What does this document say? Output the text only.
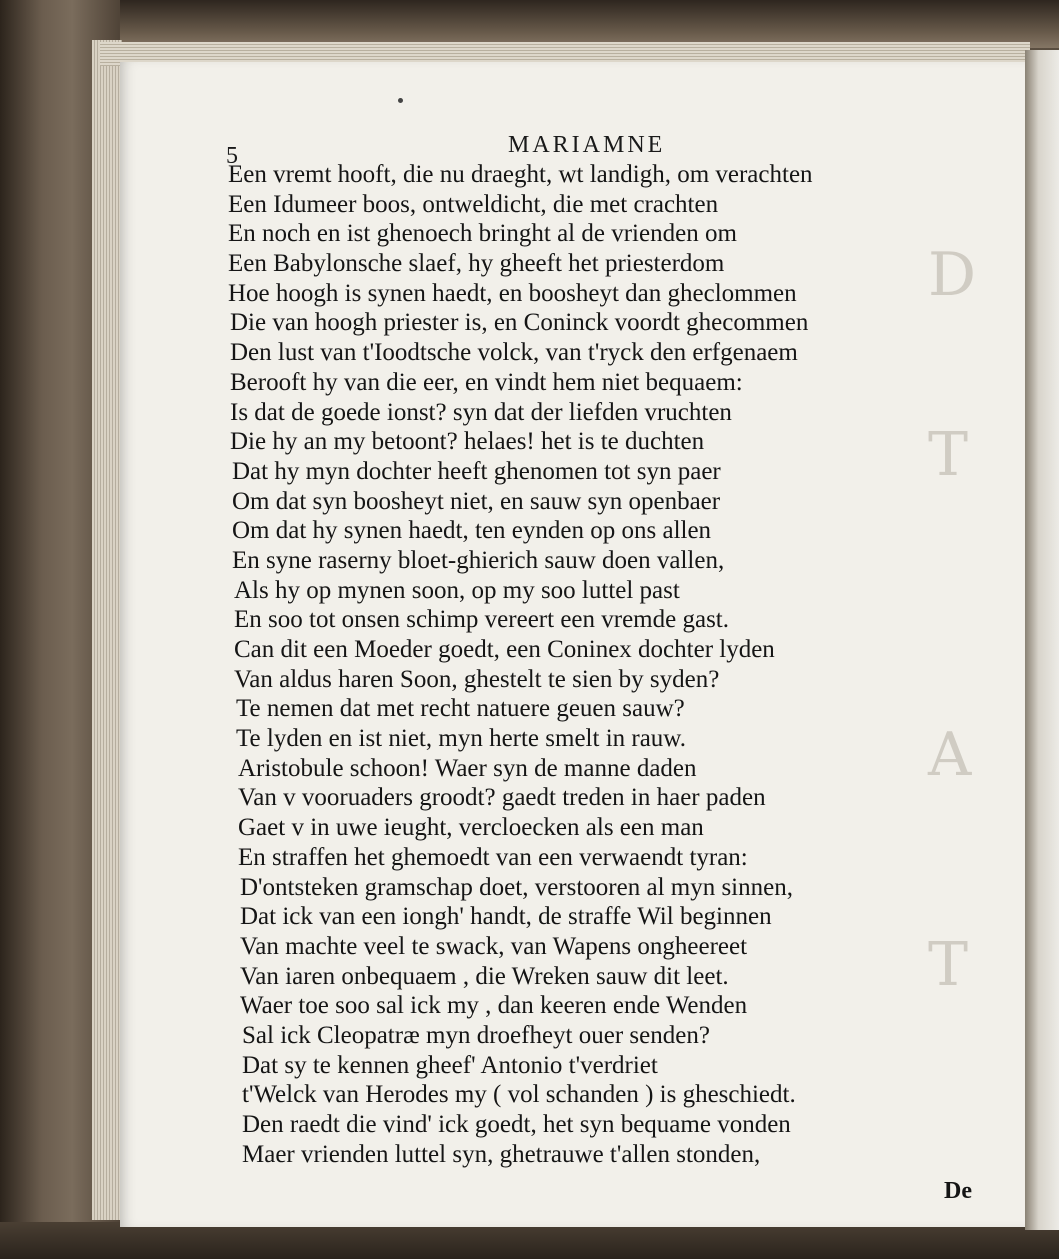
D
T
A
T
5	MARIAMNE
Een vremt hooft, die nu draeght, wt landigh, om verachten
Een Idumeer boos, ontweldicht, die met crachten
En noch en ist ghenoech bringht al de vrienden om
Een Babylonsche slaef, hy gheeft het priesterdom
Hoe hoogh is synen haedt, en boosheyt dan gheclommen
Die van hoogh priester is, en Coninck voordt ghecommen
Den lust van t'Ioodtsche volck, van t'ryck den erfgenaem
Berooft hy van die eer, en vindt hem niet bequaem:
Is dat de goede ionst? syn dat der liefden vruchten
Die hy an my betoont? helaes! het is te duchten
Dat hy myn dochter heeft ghenomen tot syn paer
Om dat syn boosheyt niet, en sauw syn openbaer
Om dat hy synen haedt, ten eynden op ons allen
En syne raserny bloet-ghierich sauw doen vallen,
Als hy op mynen soon, op my soo luttel past
En soo tot onsen schimp vereert een vremde gast.
Can dit een Moeder goedt, een Coninex dochter lyden
Van aldus haren Soon, ghestelt te sien by syden?
Te nemen dat met recht natuere geuen sauw?
Te lyden en ist niet, myn herte smelt in rauw.
Aristobule schoon! Waer syn de manne daden
Van v vooruaders groodt? gaedt treden in haer paden
Gaet v in uwe ieught, vercloecken als een man
En straffen het ghemoedt van een verwaendt tyran:
D'ontsteken gramschap doet, verstooren al myn sinnen,
Dat ick van een iongh' handt, de straffe Wil beginnen
Van machte veel te swack, van Wapens ongheereet
Van iaren onbequaem , die Wreken sauw dit leet.
Waer toe soo sal ick my , dan keeren ende Wenden
Sal ick Cleopatræ myn droefheyt ouer senden?
Dat sy te kennen gheef' Antonio t'verdriet
t'Welck van Herodes my ( vol schanden ) is gheschiedt.
Den raedt die vind' ick goedt, het syn bequame vonden
Maer vrienden luttel syn, ghetrauwe t'allen stonden,
De
